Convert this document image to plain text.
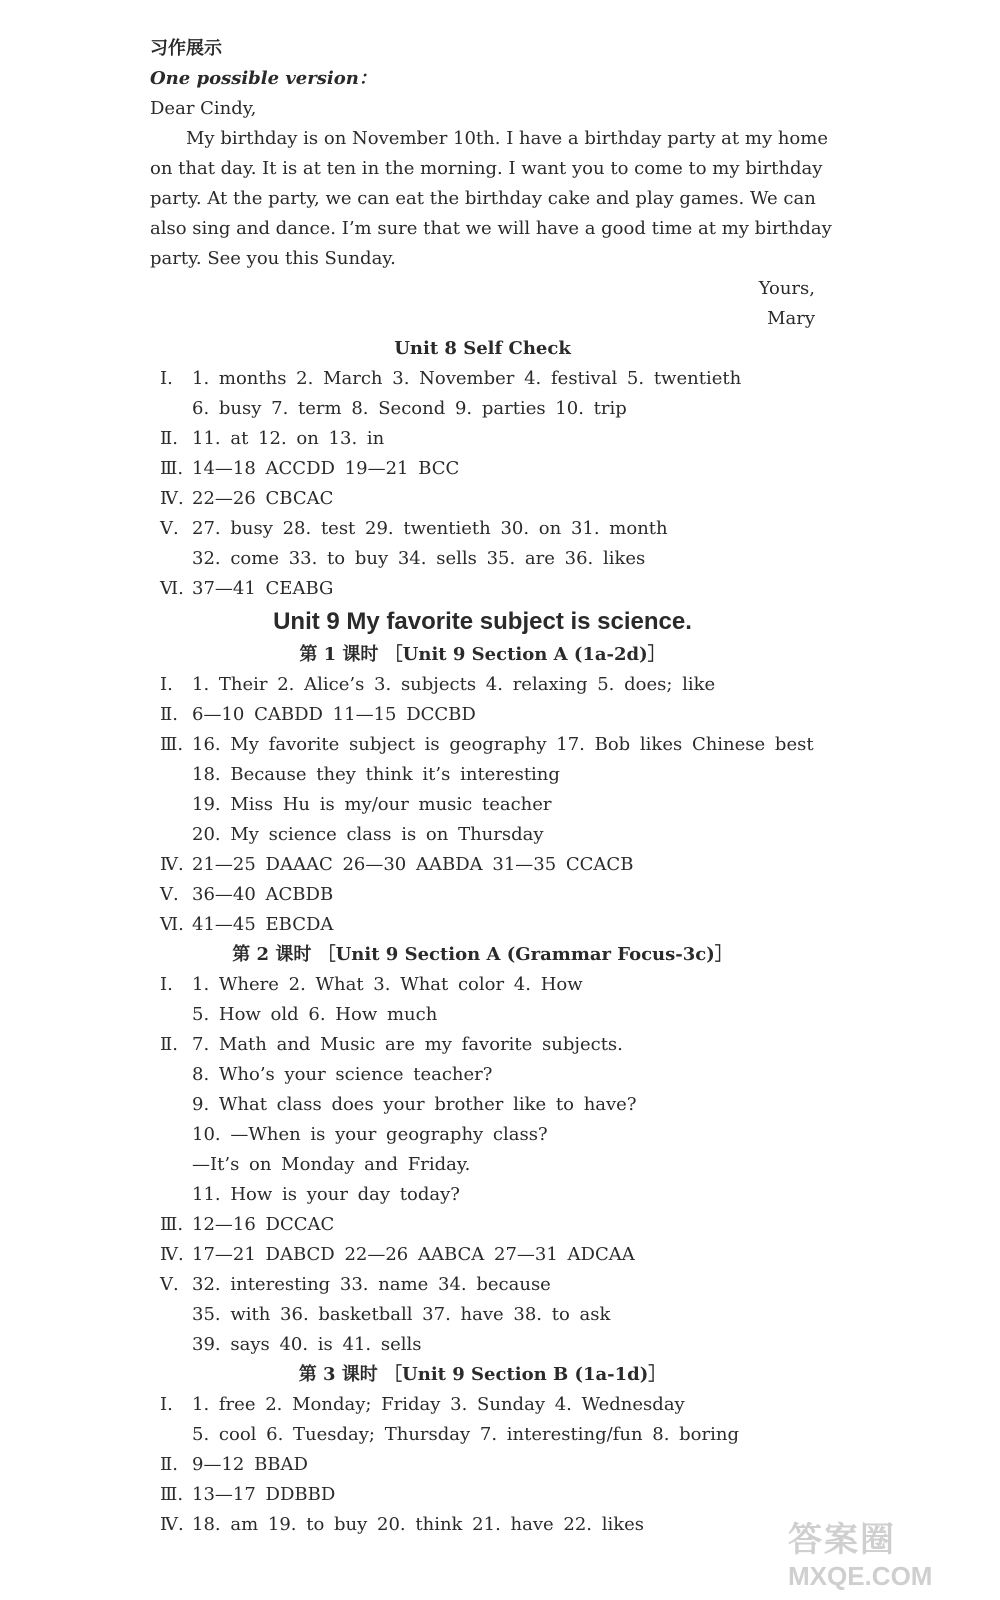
习作展示
One possible version：
Dear Cindy,
My birthday is on November 10th. I have a birthday party at my home
on that day. It is at ten in the morning. I want you to come to my birthday
party. At the party, we can eat the birthday cake and play games. We can
also sing and dance. I’m sure that we will have a good time at my birthday
party. See you this Sunday.
Yours,
Mary
Unit 8 Self Check
Ⅰ.	1. months 2. March 3. November 4. festival 5. twentieth
6. busy 7. term 8. Second 9. parties 10. trip
Ⅱ. 11. at 12. on 13. in
Ⅲ. 14—18 ACCDD 19—21 BCC
Ⅳ. 22—26 CBCAC
Ⅴ. 27. busy 28. test 29. twentieth 30. on 31. month
32. come 33. to buy 34. sells 35. are 36. likes
Ⅵ. 37—41 CEABG
Unit 9 My favorite subject is science.
第 1 课时 ［Unit 9 Section A (1a-2d)］
Ⅰ.	1. Their 2. Alice’s 3. subjects 4. relaxing 5. does; like
Ⅱ. 6—10 CABDD 11—15 DCCBD
Ⅲ. 16. My favorite subject is geography 17. Bob likes Chinese best
18. Because they think it’s interesting
19. Miss Hu is my/our music teacher
20. My science class is on Thursday
Ⅳ. 21—25 DAAAC 26—30 AABDA 31—35 CCACB
Ⅴ. 36—40 ACBDB
Ⅵ. 41—45 EBCDA
第 2 课时 ［Unit 9 Section A (Grammar Focus-3c)］
Ⅰ.	1. Where 2. What 3. What color 4. How
5. How old 6. How much
Ⅱ. 7. Math and Music are my favorite subjects.
8. Who’s your science teacher?
9. What class does your brother like to have?
10. —When is your geography class?
—It’s on Monday and Friday.
11. How is your day today?
Ⅲ. 12—16 DCCAC
Ⅳ. 17—21 DABCD 22—26 AABCA 27—31 ADCAA
Ⅴ. 32. interesting 33. name 34. because
35. with 36. basketball 37. have 38. to ask
39. says 40. is 41. sells
第 3 课时 ［Unit 9 Section B (1a-1d)］
Ⅰ.	1. free 2. Monday; Friday 3. Sunday 4. Wednesday
5. cool 6. Tuesday; Thursday 7. interesting/fun 8. boring
Ⅱ. 9—12 BBAD
Ⅲ. 13—17 DDBBD
Ⅳ. 18. am 19. to buy 20. think 21. have 22. likes	答案圈
MXQE.COM
